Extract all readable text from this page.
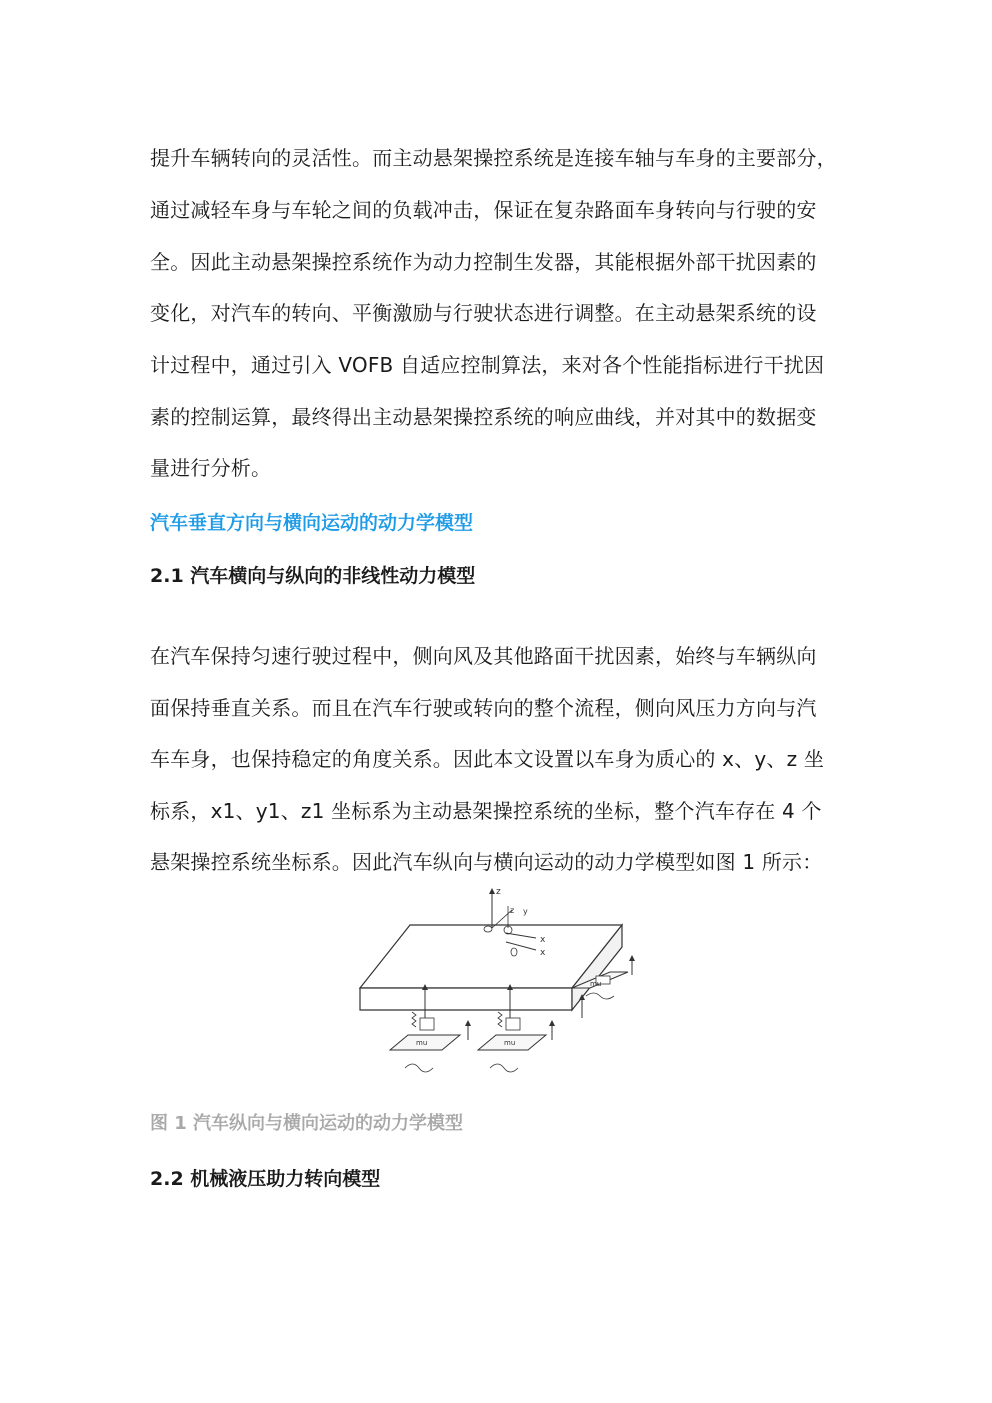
提升车辆转向的灵活性。而主动悬架操控系统是连接车轴与车身的主要部分，
通过减轻车身与车轮之间的负载冲击，保证在复杂路面车身转向与行驶的安
全。因此主动悬架操控系统作为动力控制生发器，其能根据外部干扰因素的
变化，对汽车的转向、平衡激励与行驶状态进行调整。在主动悬架系统的设
计过程中，通过引入 VOFB 自适应控制算法，来对各个性能指标进行干扰因
素的控制运算，最终得出主动悬架操控系统的响应曲线，并对其中的数据变
量进行分析。
汽车垂直方向与横向运动的动力学模型
2.1 汽车横向与纵向的非线性动力模型
在汽车保持匀速行驶过程中，侧向风及其他路面干扰因素，始终与车辆纵向
面保持垂直关系。而且在汽车行驶或转向的整个流程，侧向风压力方向与汽
车车身，也保持稳定的角度关系。因此本文设置以车身为质心的 x、y、z 坐
标系，x1、y1、z1 坐标系为主动悬架操控系统的坐标，整个汽车存在 4 个
悬架操控系统坐标系。因此汽车纵向与横向运动的动力学模型如图 1 所示：
z
z y
x
x
mu
mu	mu
图 1 汽车纵向与横向运动的动力学模型
2.2 机械液压助力转向模型
